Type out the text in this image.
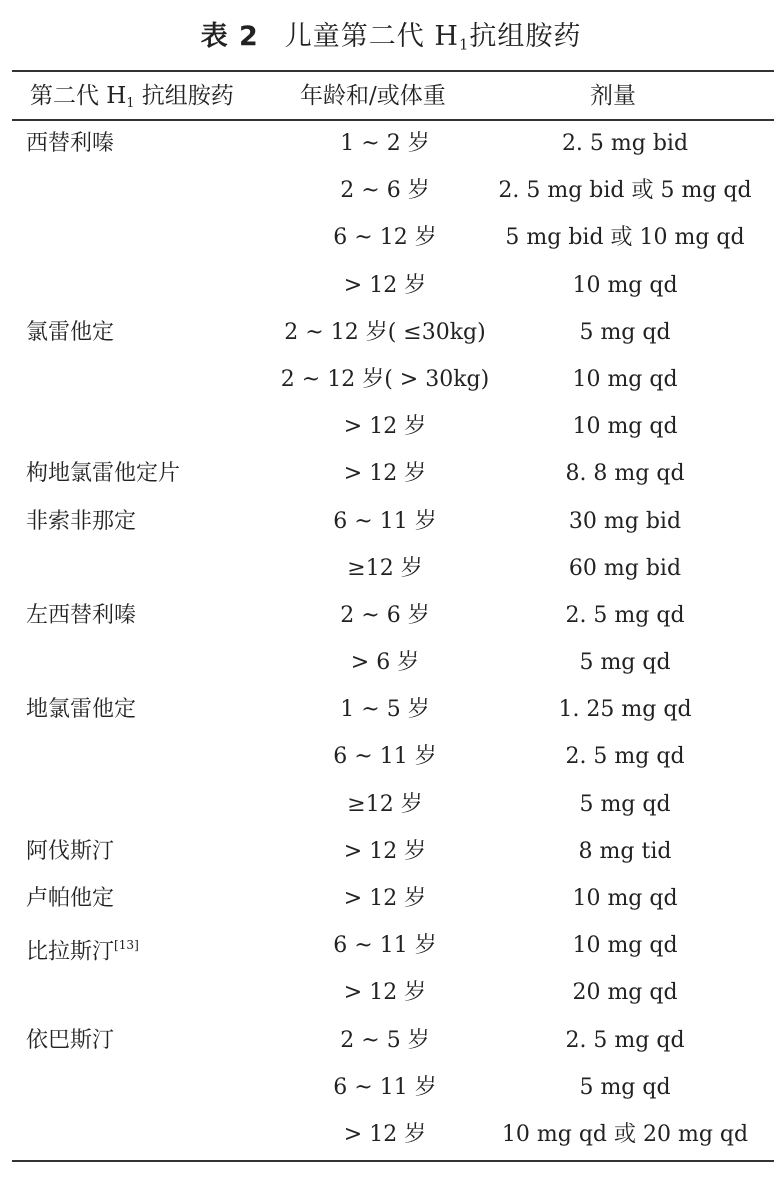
表 2 儿童第二代 $H_1$抗组胺药
第二代 $H_1$ 抗组胺药	年龄和/或体重	剂量
西替利嗪	1 ~ 2 岁	2. 5 mg bid
2 ~ 6 岁	2. 5 mg bid 或 5 mg qd
6 ~ 12 岁	5 mg bid 或 10 mg qd
> 12 岁	10 mg qd
氯雷他定	2 ~ 12 岁( ≤30kg)	5 mg qd
2 ~ 12 岁( > 30kg)	10 mg qd
> 12 岁	10 mg qd
枸地氯雷他定片	> 12 岁	8. 8 mg qd
非索非那定	6 ~ 11 岁	30 mg bid
≥12 岁	60 mg bid
左西替利嗪	2 ~ 6 岁	2. 5 mg qd
> 6 岁	5 mg qd
地氯雷他定	1 ~ 5 岁	1. 25 mg qd
6 ~ 11 岁	2. 5 mg qd
≥12 岁	5 mg qd
阿伐斯汀	> 12 岁	8 mg tid
卢帕他定	> 12 岁	10 mg qd
比拉斯汀[13]	6 ~ 11 岁	10 mg qd
> 12 岁	20 mg qd
依巴斯汀	2 ~ 5 岁	2. 5 mg qd
6 ~ 11 岁	5 mg qd
> 12 岁	10 mg qd 或 20 mg qd
